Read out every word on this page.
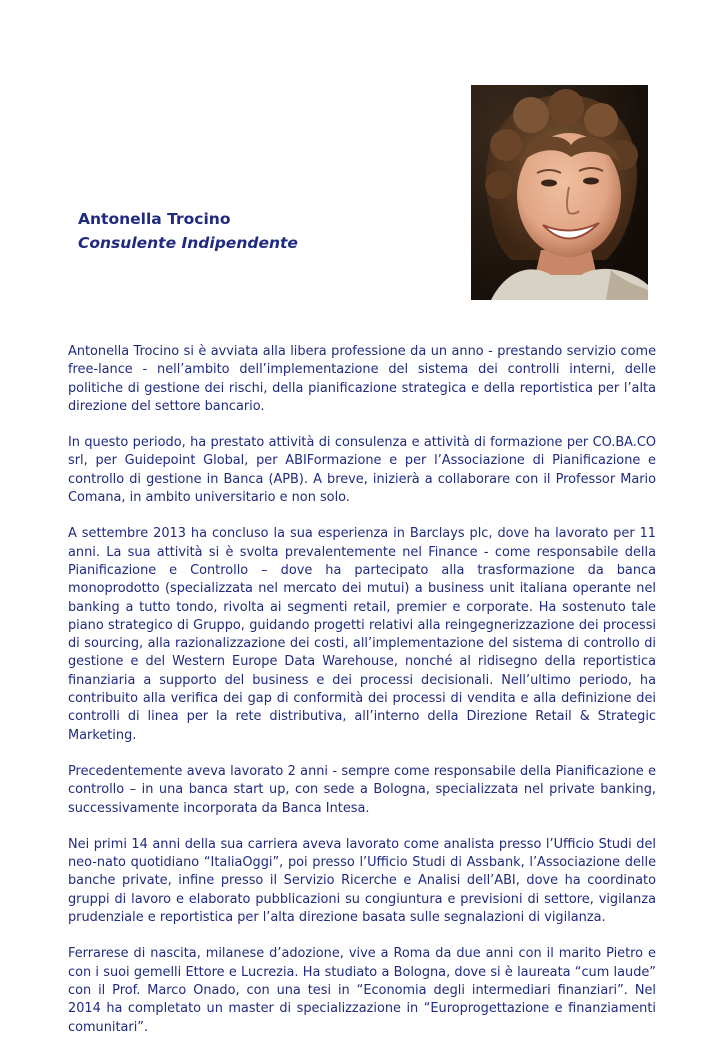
Antonella Trocino
Consulente Indipendente

Antonella Trocino si è avviata alla libera professione da un anno - prestando servizio come free-lance - nell’ambito dell’implementazione del sistema dei controlli interni, delle politiche di gestione dei rischi, della pianificazione strategica e della reportistica per l’alta direzione del settore bancario.

In questo periodo, ha prestato attività di consulenza e attività di formazione per CO.BA.CO srl, per Guidepoint Global, per ABIFormazione e per l’Associazione di Pianificazione e controllo di gestione in Banca (APB). A breve, inizierà a collaborare con il Professor Mario Comana, in ambito universitario e non solo.

A settembre 2013 ha concluso la sua esperienza in Barclays plc, dove ha lavorato per 11 anni. La sua attività si è svolta prevalentemente nel Finance - come responsabile della Pianificazione e Controllo – dove ha partecipato alla trasformazione da banca monoprodotto (specializzata nel mercato dei mutui) a business unit italiana operante nel banking a tutto tondo, rivolta ai segmenti retail, premier e corporate. Ha sostenuto tale piano strategico di Gruppo, guidando progetti relativi alla reingegnerizzazione dei processi di sourcing, alla razionalizzazione dei costi, all’implementazione del sistema di controllo di gestione e del Western Europe Data Warehouse, nonché al ridisegno della reportistica finanziaria a supporto del business e dei processi decisionali. Nell’ultimo periodo, ha contribuito alla verifica dei gap di conformità dei processi di vendita e alla definizione dei controlli di linea per la rete distributiva, all’interno della Direzione Retail & Strategic Marketing.

Precedentemente aveva lavorato 2 anni - sempre come responsabile della Pianificazione e controllo – in una banca start up, con sede a Bologna, specializzata nel private banking, successivamente incorporata da Banca Intesa.

Nei primi 14 anni della sua carriera aveva lavorato come analista presso l’Ufficio Studi del neo-nato quotidiano “ItaliaOggi”, poi presso l’Ufficio Studi di Assbank, l’Associazione delle banche private, infine presso il Servizio Ricerche e Analisi dell’ABI, dove ha coordinato gruppi di lavoro e elaborato pubblicazioni su congiuntura e previsioni di settore, vigilanza prudenziale e reportistica per l’alta direzione basata sulle segnalazioni di vigilanza.

Ferrarese di nascita, milanese d’adozione, vive a Roma da due anni con il marito Pietro e con i suoi gemelli Ettore e Lucrezia. Ha studiato a Bologna, dove si è laureata “cum laude” con il Prof. Marco Onado, con una tesi in “Economia degli intermediari finanziari”. Nel 2014 ha completato un master di specializzazione in “Europrogettazione e finanziamenti comunitari”.
